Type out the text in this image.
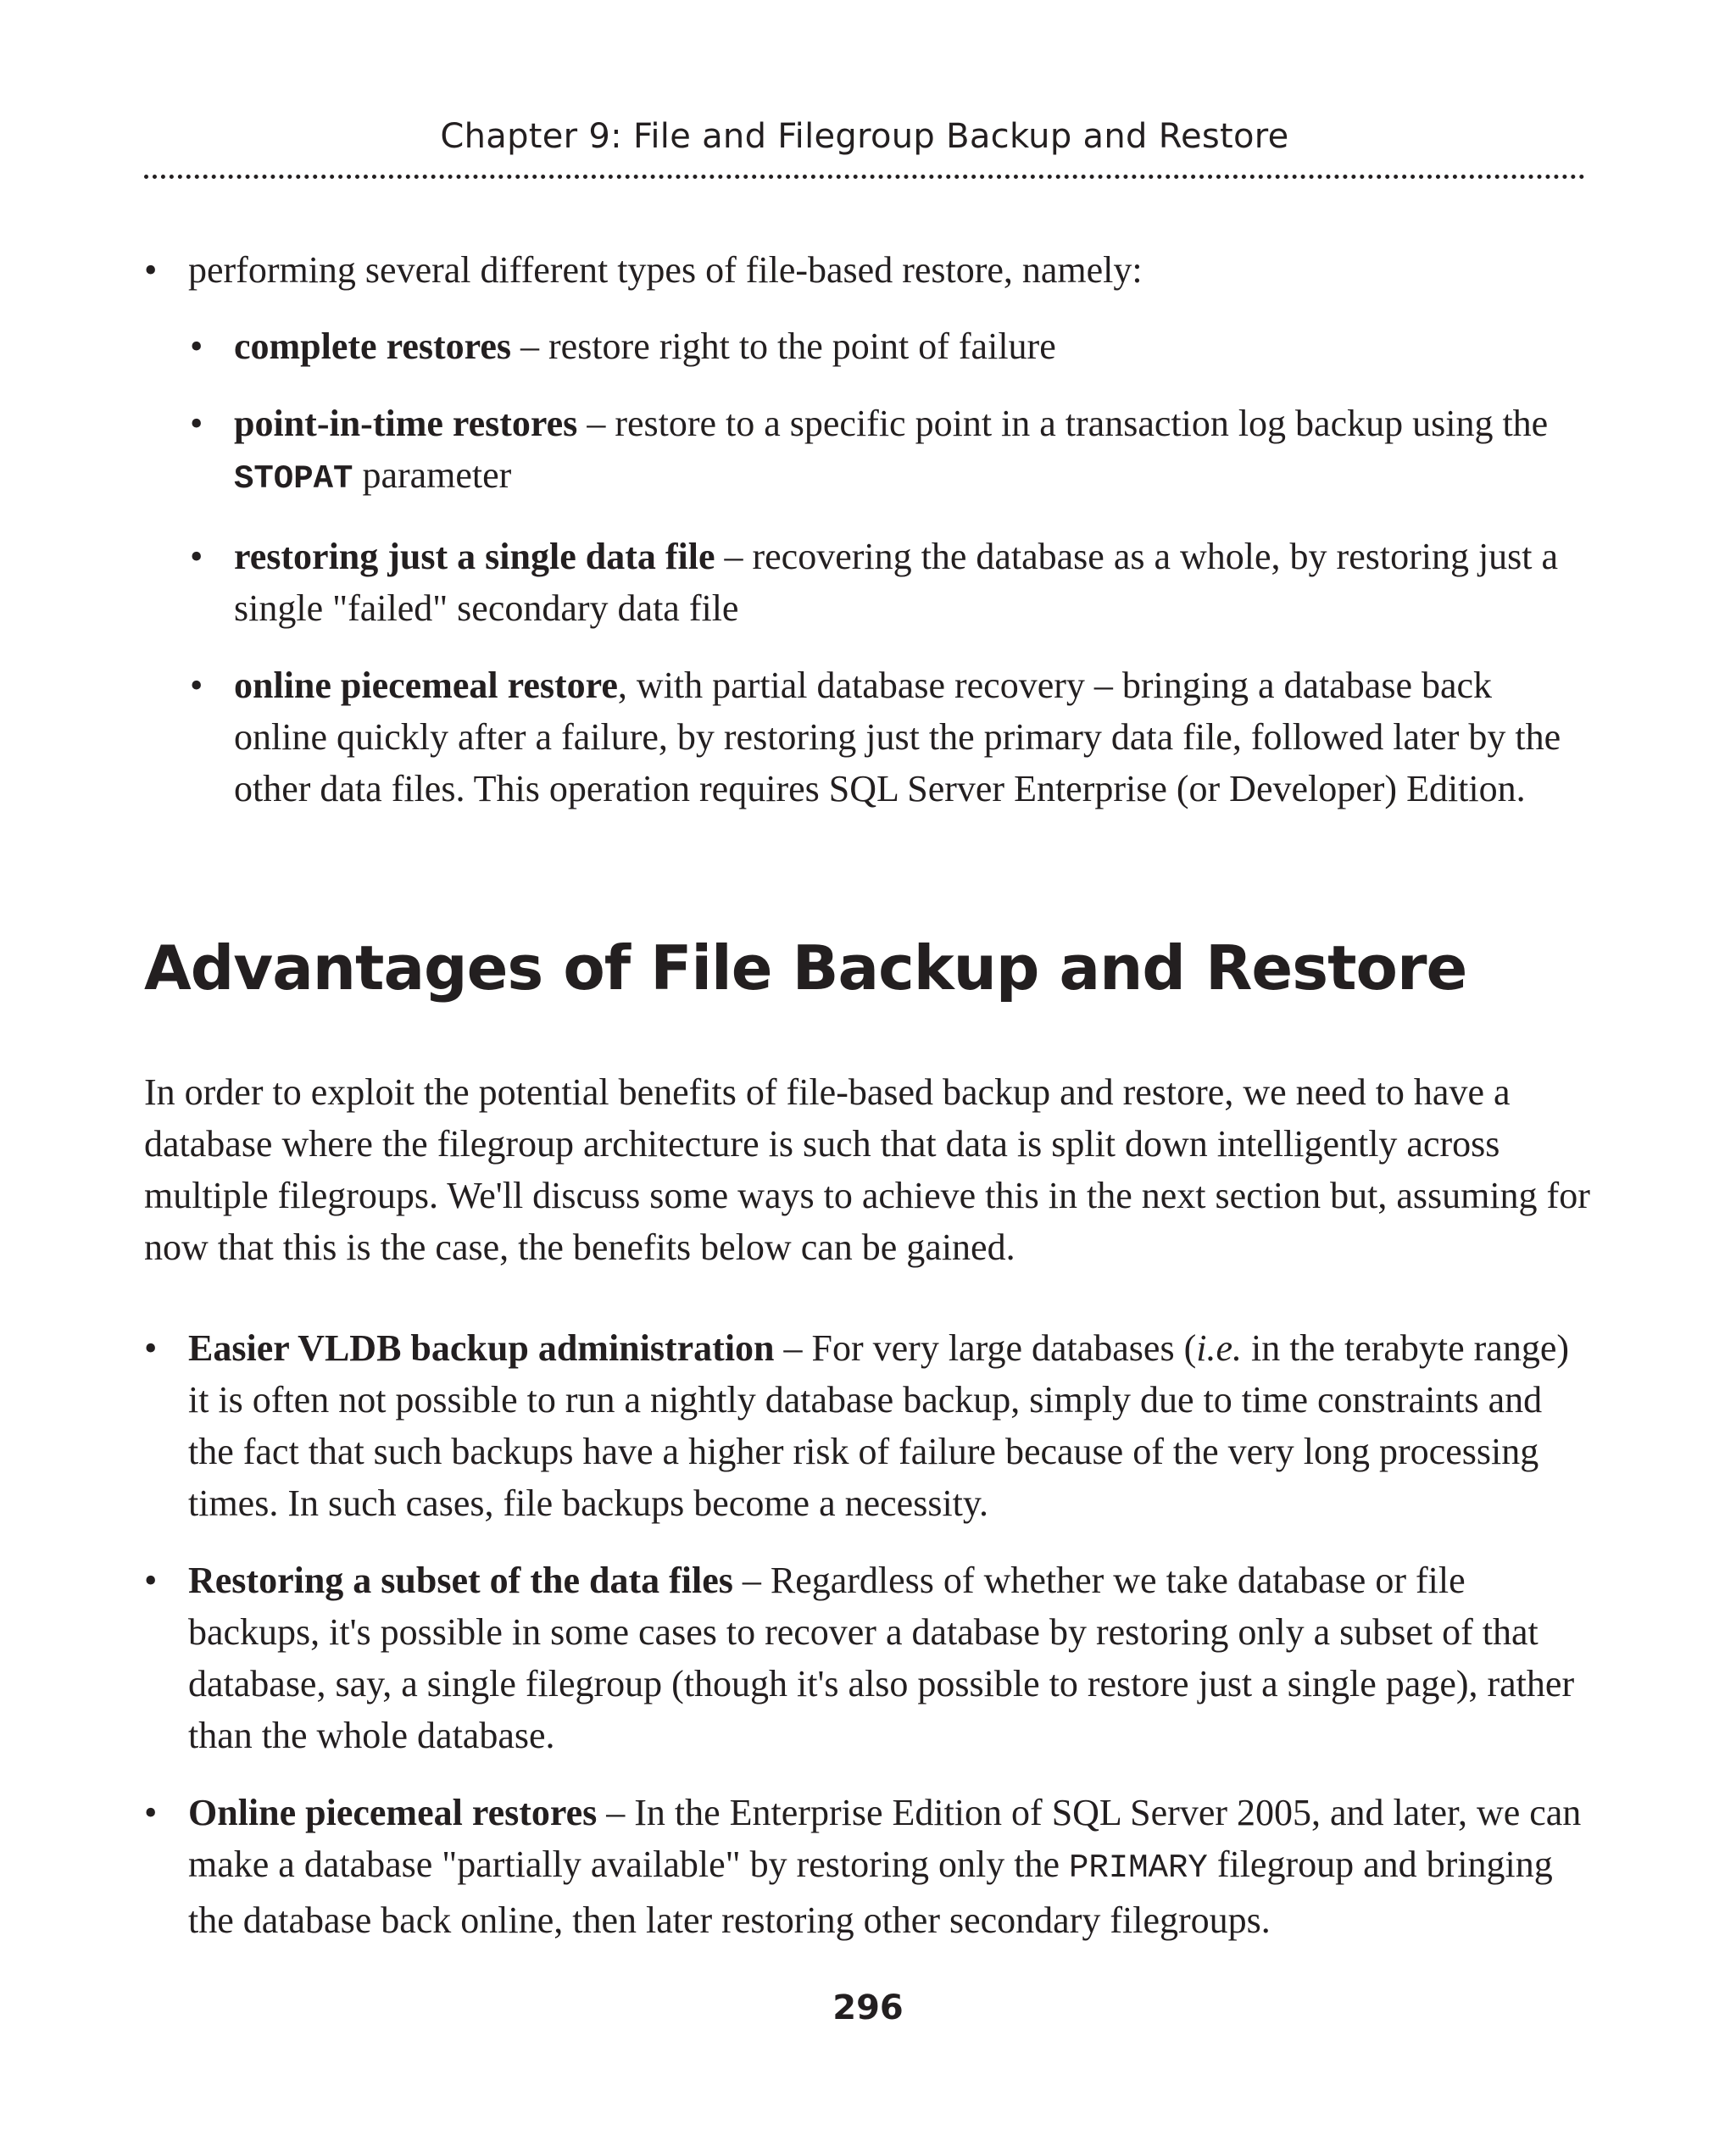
Chapter 9: File and Filegroup Backup and Restore
• performing several different types of file-based restore, namely:
• complete restores – restore right to the point of failure
• point-in-time restores – restore to a specific point in a transaction log backup using the STOPAT parameter
• restoring just a single data file – recovering the database as a whole, by restoring just a single "failed" secondary data file
• online piecemeal restore, with partial database recovery – bringing a database back online quickly after a failure, by restoring just the primary data file, followed later by the other data files. This operation requires SQL Server Enterprise (or Developer) Edition.
Advantages of File Backup and Restore
In order to exploit the potential benefits of file-based backup and restore, we need to have a database where the filegroup architecture is such that data is split down intelligently across multiple filegroups. We'll discuss some ways to achieve this in the next section but, assuming for now that this is the case, the benefits below can be gained.
• Easier VLDB backup administration – For very large databases (i.e. in the terabyte range) it is often not possible to run a nightly database backup, simply due to time constraints and the fact that such backups have a higher risk of failure because of the very long processing times. In such cases, file backups become a necessity.
• Restoring a subset of the data files – Regardless of whether we take database or file backups, it's possible in some cases to recover a database by restoring only a subset of that database, say, a single filegroup (though it's also possible to restore just a single page), rather than the whole database.
• Online piecemeal restores – In the Enterprise Edition of SQL Server 2005, and later, we can make a database "partially available" by restoring only the PRIMARY filegroup and bringing the database back online, then later restoring other secondary filegroups.
296
